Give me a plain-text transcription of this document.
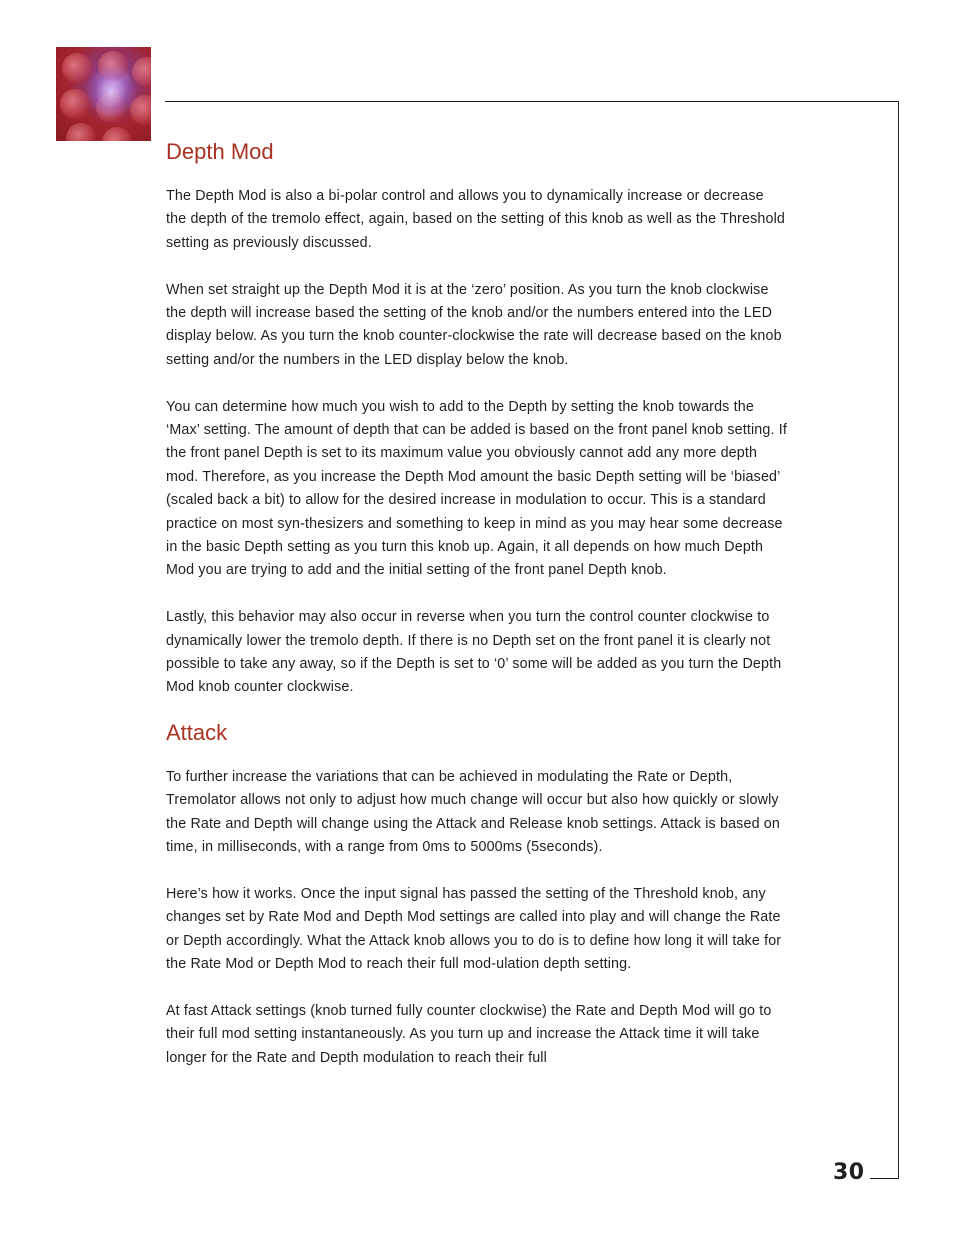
30
Depth Mod

The Depth Mod is also a bi-polar control and allows you to dynamically increase or decrease the depth of the tremolo effect, again, based on the setting of this knob as well as the Threshold setting as previously discussed.

When set straight up the Depth Mod it is at the ‘zero’ position. As you turn the knob clockwise the depth will increase based the setting of the knob and/or the numbers entered into the LED display below. As you turn the knob counter-clockwise the rate will decrease based on the knob setting and/or the numbers in the LED display below the knob.

You can determine how much you wish to add to the Depth by setting the knob towards the ‘Max’ setting. The amount of depth that can be added is based on the front panel knob setting. If the front panel Depth is set to its maximum value you obviously cannot add any more depth mod. Therefore, as you increase the Depth Mod amount the basic Depth setting will be ‘biased’ (scaled back a bit) to allow for the desired increase in modulation to occur. This is a standard practice on most syn-thesizers and something to keep in mind as you may hear some decrease in the basic Depth setting as you turn this knob up. Again, it all depends on how much Depth Mod you are trying to add and the initial setting of the front panel Depth knob.

Lastly, this behavior may also occur in reverse when you turn the control counter clockwise to dynamically lower the tremolo depth. If there is no Depth set on the front panel it is clearly not possible to take any away, so if the Depth is set to ‘0’ some will be added as you turn the Depth Mod knob counter clockwise.

Attack

To further increase the variations that can be achieved in modulating the Rate or Depth, Tremolator allows not only to adjust how much change will occur but also how quickly or slowly the Rate and Depth will change using the Attack and Release knob settings. Attack is based on time, in milliseconds, with a range from 0ms to 5000ms (5seconds).

Here’s how it works. Once the input signal has passed the setting of the Threshold knob, any changes set by Rate Mod and Depth Mod settings are called into play and will change the Rate or Depth accordingly. What the Attack knob allows you to do is to define how long it will take for the Rate Mod or Depth Mod to reach their full mod-ulation depth setting.

At fast Attack settings (knob turned fully counter clockwise) the Rate and Depth Mod will go to their full mod setting instantaneously. As you turn up and increase the Attack time it will take longer for the Rate and Depth modulation to reach their full
